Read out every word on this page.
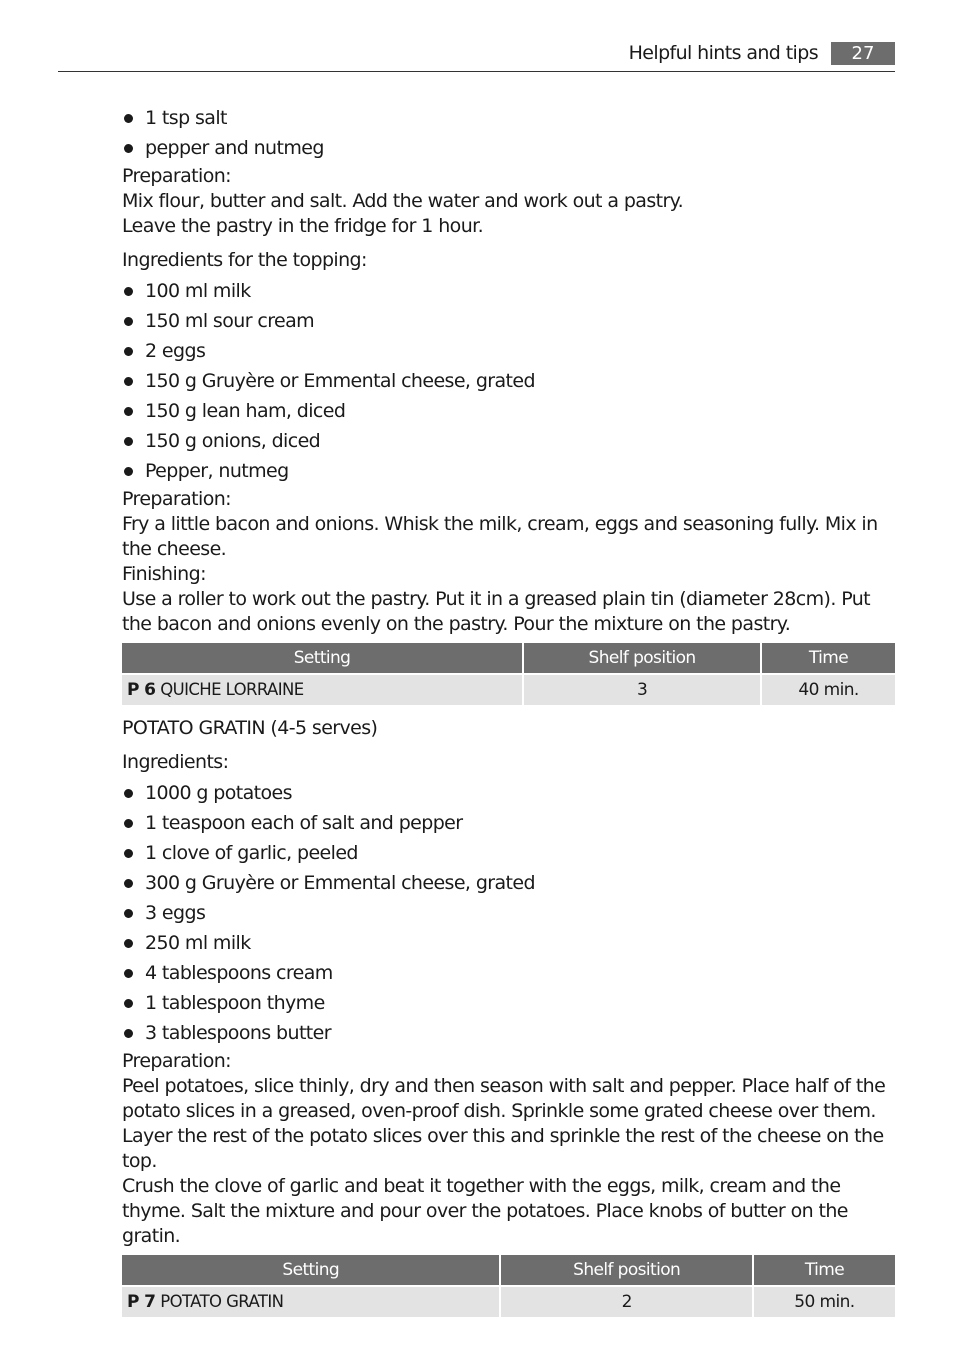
Helpful hints and tips	27
1 tsp salt
pepper and nutmeg

Preparation:

Mix flour, butter and salt. Add the water and work out a pastry.

Leave the pastry in the fridge for 1 hour.

Ingredients for the topping:

100 ml milk
150 ml sour cream
2 eggs
150 g Gruyère or Emmental cheese, grated
150 g lean ham, diced
150 g onions, diced
Pepper, nutmeg

Preparation:

Fry a little bacon and onions. Whisk the milk, cream, eggs and seasoning fully. Mix in the cheese.

Finishing:

Use a roller to work out the pastry. Put it in a greased plain tin (diameter 28cm). Put the bacon and onions evenly on the pastry. Pour the mixture on the pastry.

Setting	Shelf position	Time
P 6 QUICHE LORRAINE	3	40 min.

POTATO GRATIN (4-5 serves)

Ingredients:

1000 g potatoes
1 teaspoon each of salt and pepper
1 clove of garlic, peeled
300 g Gruyère or Emmental cheese, grated
3 eggs
250 ml milk
4 tablespoons cream
1 tablespoon thyme
3 tablespoons butter

Preparation:

Peel potatoes, slice thinly, dry and then season with salt and pepper. Place half of the potato slices in a greased, oven-proof dish. Sprinkle some grated cheese over them. Layer the rest of the potato slices over this and sprinkle the rest of the cheese on the top.

Crush the clove of garlic and beat it together with the eggs, milk, cream and the thyme. Salt the mixture and pour over the potatoes. Place knobs of butter on the gratin.

Setting	Shelf position	Time
P 7 POTATO GRATIN	2	50 min.
